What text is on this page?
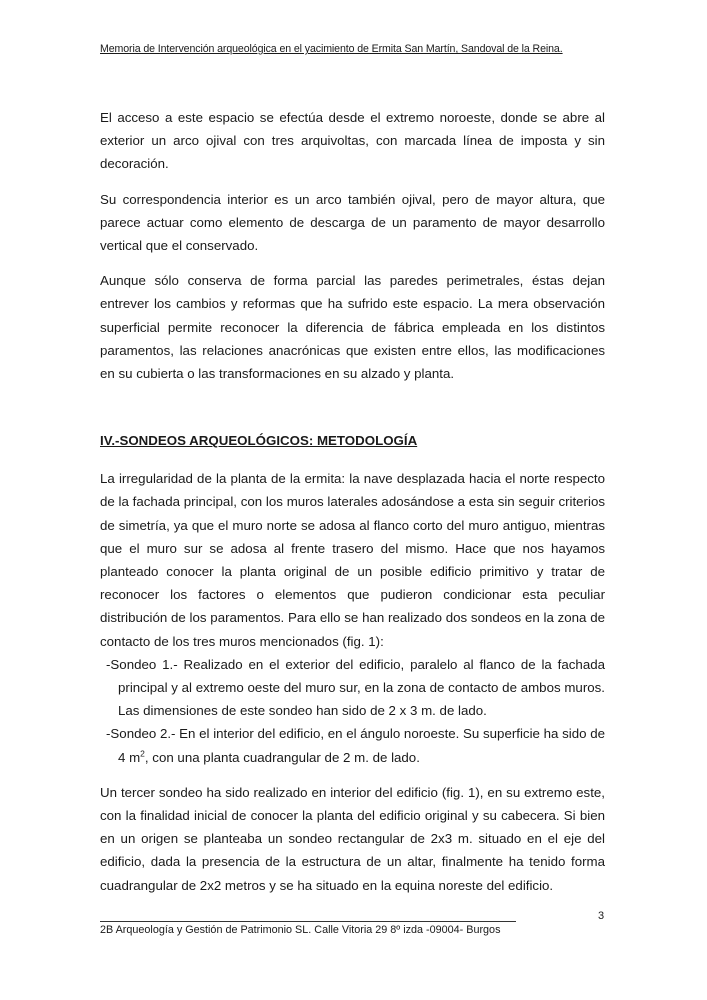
Memoria de Intervención arqueológica en el yacimiento de Ermita San Martín, Sandoval de la Reina.

El acceso a este espacio se efectúa desde el extremo noroeste, donde se abre al exterior un arco ojival con tres arquivoltas, con marcada línea de imposta y sin decoración.

Su correspondencia interior es un arco también ojival, pero de mayor altura, que parece actuar como elemento de descarga de un paramento de mayor desarrollo vertical que el conservado.

Aunque sólo conserva de forma parcial las paredes perimetrales, éstas dejan entrever los cambios y reformas que ha sufrido este espacio. La mera observación superficial permite reconocer la diferencia de fábrica empleada en los distintos paramentos, las relaciones anacrónicas que existen entre ellos, las modificaciones en su cubierta o las transformaciones en su alzado y planta.

IV.-SONDEOS ARQUEOLÓGICOS: METODOLOGÍA

La irregularidad de la planta de la ermita: la nave desplazada hacia el norte respecto de la fachada principal, con los muros laterales adosándose a esta sin seguir criterios de simetría, ya que el muro norte se adosa al flanco corto del muro antiguo, mientras que el muro sur se adosa al frente trasero del mismo. Hace que nos hayamos planteado conocer la planta original de un posible edificio primitivo y tratar de reconocer los factores o elementos que pudieron condicionar esta peculiar distribución de los paramentos. Para ello se han realizado dos sondeos en la zona de contacto de los tres muros mencionados (fig. 1):

-Sondeo 1.- Realizado en el exterior del edificio, paralelo al flanco de la fachada principal y al extremo oeste del muro sur, en la zona de contacto de ambos muros. Las dimensiones de este sondeo han sido de 2 x 3 m. de lado.
-Sondeo 2.- En el interior del edificio, en el ángulo noroeste. Su superficie ha sido de 4 $m^2$, con una planta cuadrangular de 2 m. de lado.

Un tercer sondeo ha sido realizado en interior del edificio (fig. 1), en su extremo este, con la finalidad inicial de conocer la planta del edificio original y su cabecera. Si bien en un origen se planteaba un sondeo rectangular de 2x3 m. situado en el eje del edificio, dada la presencia de la estructura de un altar, finalmente ha tenido forma cuadrangular de 2x2 metros y se ha situado en la equina noreste del edificio.

3
2B Arqueología y Gestión de Patrimonio SL. Calle Vitoria 29 8º izda -09004- Burgos
